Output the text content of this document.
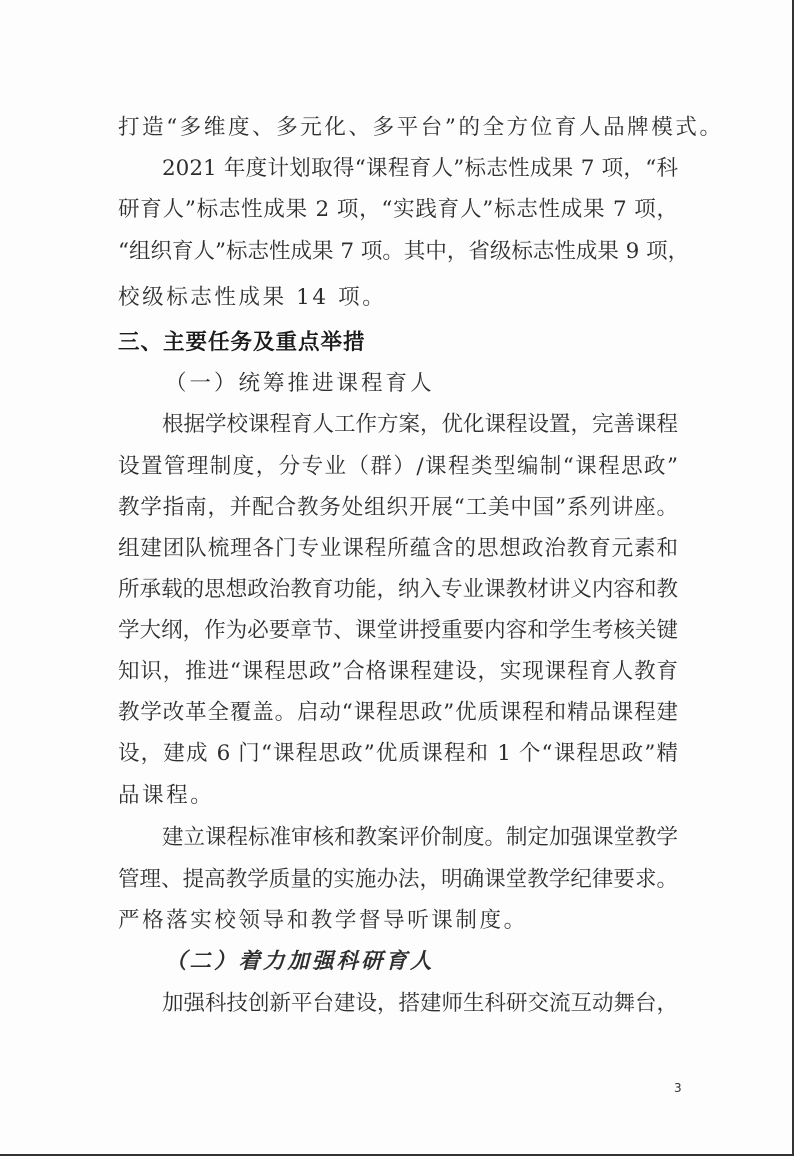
打造“多维度、多元化、多平台”的全方位育人品牌模式。
2021 年度计划取得“课程育人”标志性成果 7 项，“科
研育人”标志性成果 2 项，“实践育人”标志性成果 7 项，
“组织育人”标志性成果 7 项。其中，省级标志性成果 9 项，
校级标志性成果 14 项。
三、主要任务及重点举措
（一）统筹推进课程育人
根据学校课程育人工作方案，优化课程设置，完善课程
设置管理制度，分专业（群）/课程类型编制“课程思政”
教学指南，并配合教务处组织开展“工美中国”系列讲座。
组建团队梳理各门专业课程所蕴含的思想政治教育元素和
所承载的思想政治教育功能，纳入专业课教材讲义内容和教
学大纲，作为必要章节、课堂讲授重要内容和学生考核关键
知识，推进“课程思政”合格课程建设，实现课程育人教育
教学改革全覆盖。启动“课程思政”优质课程和精品课程建
设，建成 6 门“课程思政”优质课程和 1 个“课程思政”精
品课程。
建立课程标准审核和教案评价制度。制定加强课堂教学
管理、提高教学质量的实施办法，明确课堂教学纪律要求。
严格落实校领导和教学督导听课制度。
（二）着力加强科研育人
加强科技创新平台建设，搭建师生科研交流互动舞台，
3
